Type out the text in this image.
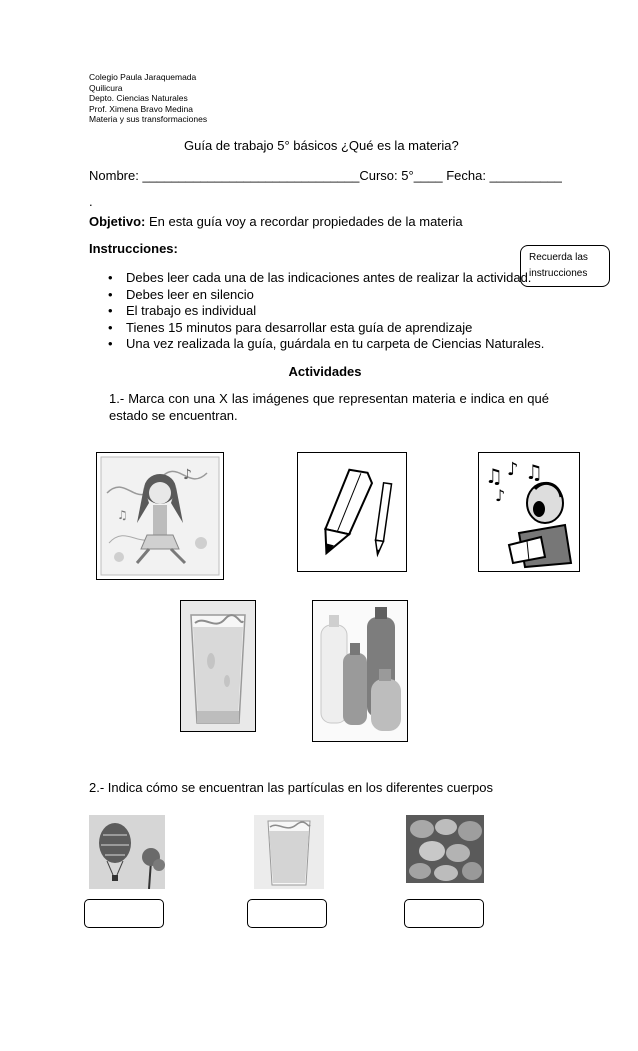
Colegio Paula Jaraquemada
Quilicura
Depto. Ciencias Naturales
Prof. Ximena Bravo Medina
Materia y sus transformaciones
Guía de trabajo 5° básicos ¿Qué es la materia?
Nombre: ______________________________Curso: 5°____ Fecha: __________
.
Objetivo: En esta guía voy a recordar propiedades de la materia
Instrucciones:
Recuerda las
instrucciones
• Debes leer cada una de las indicaciones antes de realizar la actividad.
• Debes leer en silencio
• El trabajo es individual
• Tienes 15 minutos para desarrollar esta guía de aprendizaje
• Una vez realizada la guía, guárdala en tu carpeta de Ciencias Naturales.
Actividades
1.- Marca con una X las imágenes que representan materia e indica en qué estado se encuentran.
♪
♫
♫ ♪ ♫
♪
2.- Indica cómo se encuentran las partículas en los diferentes cuerpos
